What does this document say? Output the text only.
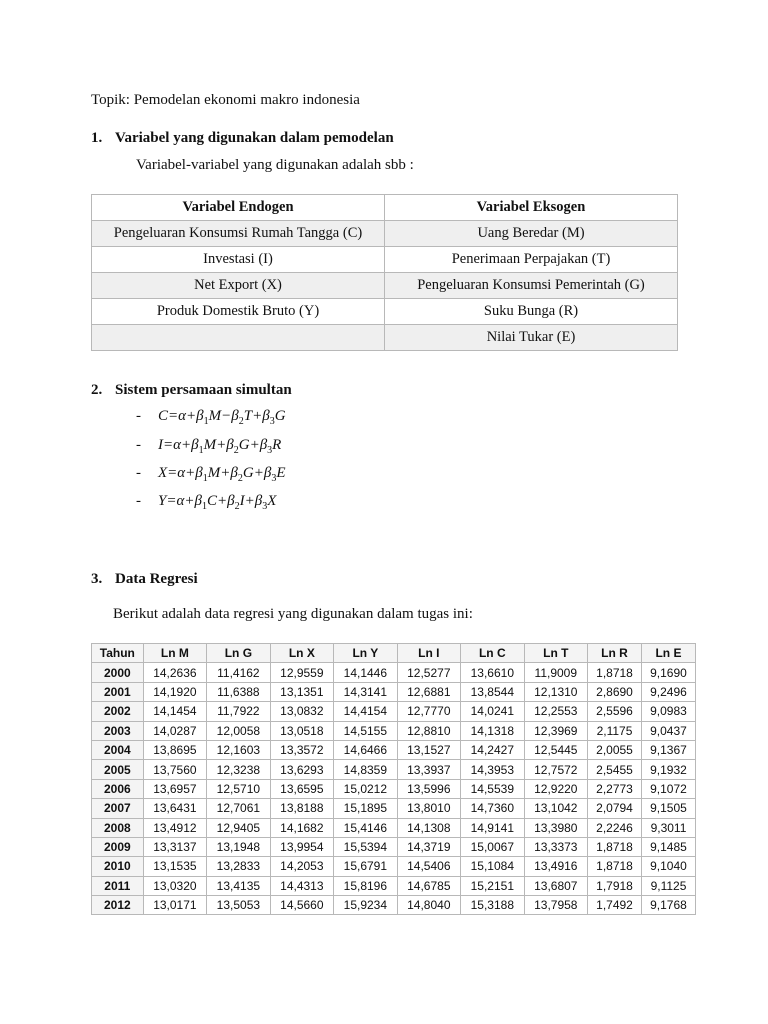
Topik: Pemodelan ekonomi makro indonesia
1. Variabel yang digunakan dalam pemodelan
Variabel-variabel yang digunakan adalah sbb :
Variabel Endogen	Variabel Eksogen
Pengeluaran Konsumsi Rumah Tangga (C)	Uang Beredar (M)
Investasi (I)	Penerimaan Perpajakan (T)
Net Export (X)	Pengeluaran Konsumsi Pemerintah (G)
Produk Domestik Bruto (Y)	Suku Bunga (R)
	Nilai Tukar (E)
2. Sistem persamaan simultan
- $C=\alpha+\beta_1M-\beta_2T+\beta_3G$
- $I=\alpha+\beta_1M+\beta_2G+\beta_3R$
- $X=\alpha+\beta_1M+\beta_2G+\beta_3E$
- $Y=\alpha+\beta_1C+\beta_2I+\beta_3X$
3. Data Regresi
Berikut adalah data regresi yang digunakan dalam tugas ini:
Tahun	Ln M	Ln G	Ln X	Ln Y	Ln I	Ln C	Ln T	Ln R	Ln E
2000	14,2636	11,4162	12,9559	14,1446	12,5277	13,6610	11,9009	1,8718	9,1690
2001	14,1920	11,6388	13,1351	14,3141	12,6881	13,8544	12,1310	2,8690	9,2496
2002	14,1454	11,7922	13,0832	14,4154	12,7770	14,0241	12,2553	2,5596	9,0983
2003	14,0287	12,0058	13,0518	14,5155	12,8810	14,1318	12,3969	2,1175	9,0437
2004	13,8695	12,1603	13,3572	14,6466	13,1527	14,2427	12,5445	2,0055	9,1367
2005	13,7560	12,3238	13,6293	14,8359	13,3937	14,3953	12,7572	2,5455	9,1932
2006	13,6957	12,5710	13,6595	15,0212	13,5996	14,5539	12,9220	2,2773	9,1072
2007	13,6431	12,7061	13,8188	15,1895	13,8010	14,7360	13,1042	2,0794	9,1505
2008	13,4912	12,9405	14,1682	15,4146	14,1308	14,9141	13,3980	2,2246	9,3011
2009	13,3137	13,1948	13,9954	15,5394	14,3719	15,0067	13,3373	1,8718	9,1485
2010	13,1535	13,2833	14,2053	15,6791	14,5406	15,1084	13,4916	1,8718	9,1040
2011	13,0320	13,4135	14,4313	15,8196	14,6785	15,2151	13,6807	1,7918	9,1125
2012	13,0171	13,5053	14,5660	15,9234	14,8040	15,3188	13,7958	1,7492	9,1768
